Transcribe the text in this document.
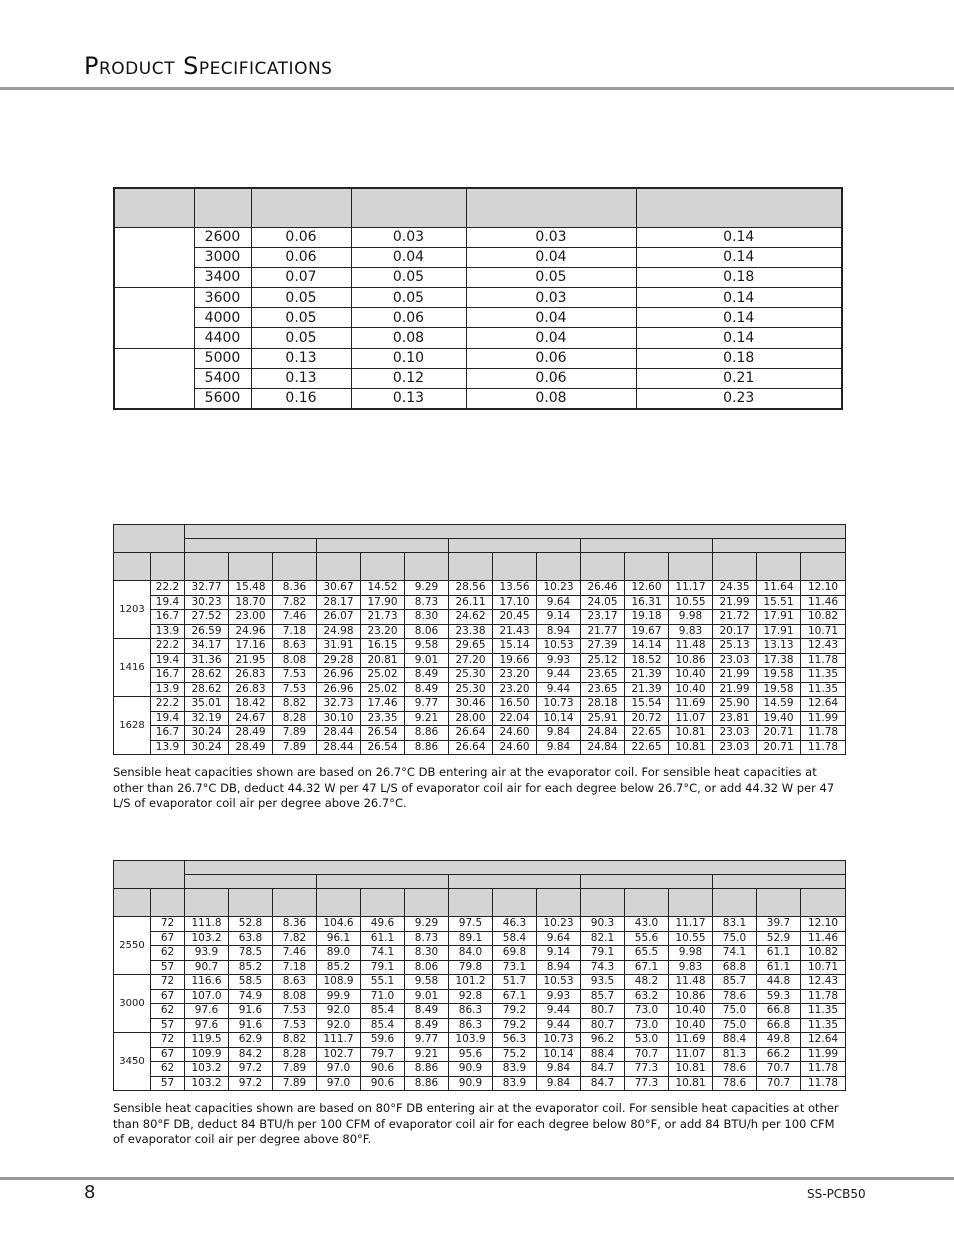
Product Specifications

	2600	0.06	0.03	0.03	0.14
	3000	0.06	0.04	0.04	0.14
	3400	0.07	0.05	0.05	0.18
	3600	0.05	0.05	0.03	0.14
	4000	0.05	0.06	0.04	0.14
	4400	0.05	0.08	0.04	0.14
	5000	0.13	0.10	0.06	0.18
	5400	0.13	0.12	0.06	0.21
	5600	0.16	0.13	0.08	0.23

1203	22.2	32.77	15.48	8.36	30.67	14.52	9.29	28.56	13.56	10.23	26.46	12.60	11.17	24.35	11.64	12.10
	19.4	30.23	18.70	7.82	28.17	17.90	8.73	26.11	17.10	9.64	24.05	16.31	10.55	21.99	15.51	11.46
	16.7	27.52	23.00	7.46	26.07	21.73	8.30	24.62	20.45	9.14	23.17	19.18	9.98	21.72	17.91	10.82
	13.9	26.59	24.96	7.18	24.98	23.20	8.06	23.38	21.43	8.94	21.77	19.67	9.83	20.17	17.91	10.71
1416	22.2	34.17	17.16	8.63	31.91	16.15	9.58	29.65	15.14	10.53	27.39	14.14	11.48	25.13	13.13	12.43
	19.4	31.36	21.95	8.08	29.28	20.81	9.01	27.20	19.66	9.93	25.12	18.52	10.86	23.03	17.38	11.78
	16.7	28.62	26.83	7.53	26.96	25.02	8.49	25.30	23.20	9.44	23.65	21.39	10.40	21.99	19.58	11.35
	13.9	28.62	26.83	7.53	26.96	25.02	8.49	25.30	23.20	9.44	23.65	21.39	10.40	21.99	19.58	11.35
1628	22.2	35.01	18.42	8.82	32.73	17.46	9.77	30.46	16.50	10.73	28.18	15.54	11.69	25.90	14.59	12.64
	19.4	32.19	24.67	8.28	30.10	23.35	9.21	28.00	22.04	10.14	25.91	20.72	11.07	23.81	19.40	11.99
	16.7	30.24	28.49	7.89	28.44	26.54	8.86	26.64	24.60	9.84	24.84	22.65	10.81	23.03	20.71	11.78
	13.9	30.24	28.49	7.89	28.44	26.54	8.86	26.64	24.60	9.84	24.84	22.65	10.81	23.03	20.71	11.78

Sensible heat capacities shown are based on 26.7°C DB entering air at the evaporator coil. For sensible heat capacities at other than 26.7°C DB, deduct 44.32 W per 47 L/S of evaporator coil air for each degree below 26.7°C, or add 44.32 W per 47 L/S of evaporator coil air per degree above 26.7°C.

2550	72	111.8	52.8	8.36	104.6	49.6	9.29	97.5	46.3	10.23	90.3	43.0	11.17	83.1	39.7	12.10
	67	103.2	63.8	7.82	96.1	61.1	8.73	89.1	58.4	9.64	82.1	55.6	10.55	75.0	52.9	11.46
	62	93.9	78.5	7.46	89.0	74.1	8.30	84.0	69.8	9.14	79.1	65.5	9.98	74.1	61.1	10.82
	57	90.7	85.2	7.18	85.2	79.1	8.06	79.8	73.1	8.94	74.3	67.1	9.83	68.8	61.1	10.71
3000	72	116.6	58.5	8.63	108.9	55.1	9.58	101.2	51.7	10.53	93.5	48.2	11.48	85.7	44.8	12.43
	67	107.0	74.9	8.08	99.9	71.0	9.01	92.8	67.1	9.93	85.7	63.2	10.86	78.6	59.3	11.78
	62	97.6	91.6	7.53	92.0	85.4	8.49	86.3	79.2	9.44	80.7	73.0	10.40	75.0	66.8	11.35
	57	97.6	91.6	7.53	92.0	85.4	8.49	86.3	79.2	9.44	80.7	73.0	10.40	75.0	66.8	11.35
3450	72	119.5	62.9	8.82	111.7	59.6	9.77	103.9	56.3	10.73	96.2	53.0	11.69	88.4	49.8	12.64
	67	109.9	84.2	8.28	102.7	79.7	9.21	95.6	75.2	10.14	88.4	70.7	11.07	81.3	66.2	11.99
	62	103.2	97.2	7.89	97.0	90.6	8.86	90.9	83.9	9.84	84.7	77.3	10.81	78.6	70.7	11.78
	57	103.2	97.2	7.89	97.0	90.6	8.86	90.9	83.9	9.84	84.7	77.3	10.81	78.6	70.7	11.78

Sensible heat capacities shown are based on 80°F DB entering air at the evaporator coil. For sensible heat capacities at other than 80°F DB, deduct 84 BTU/h per 100 CFM of evaporator coil air for each degree below 80°F, or add 84 BTU/h per 100 CFM of evaporator coil air per degree above 80°F.

8	SS-PCB50
